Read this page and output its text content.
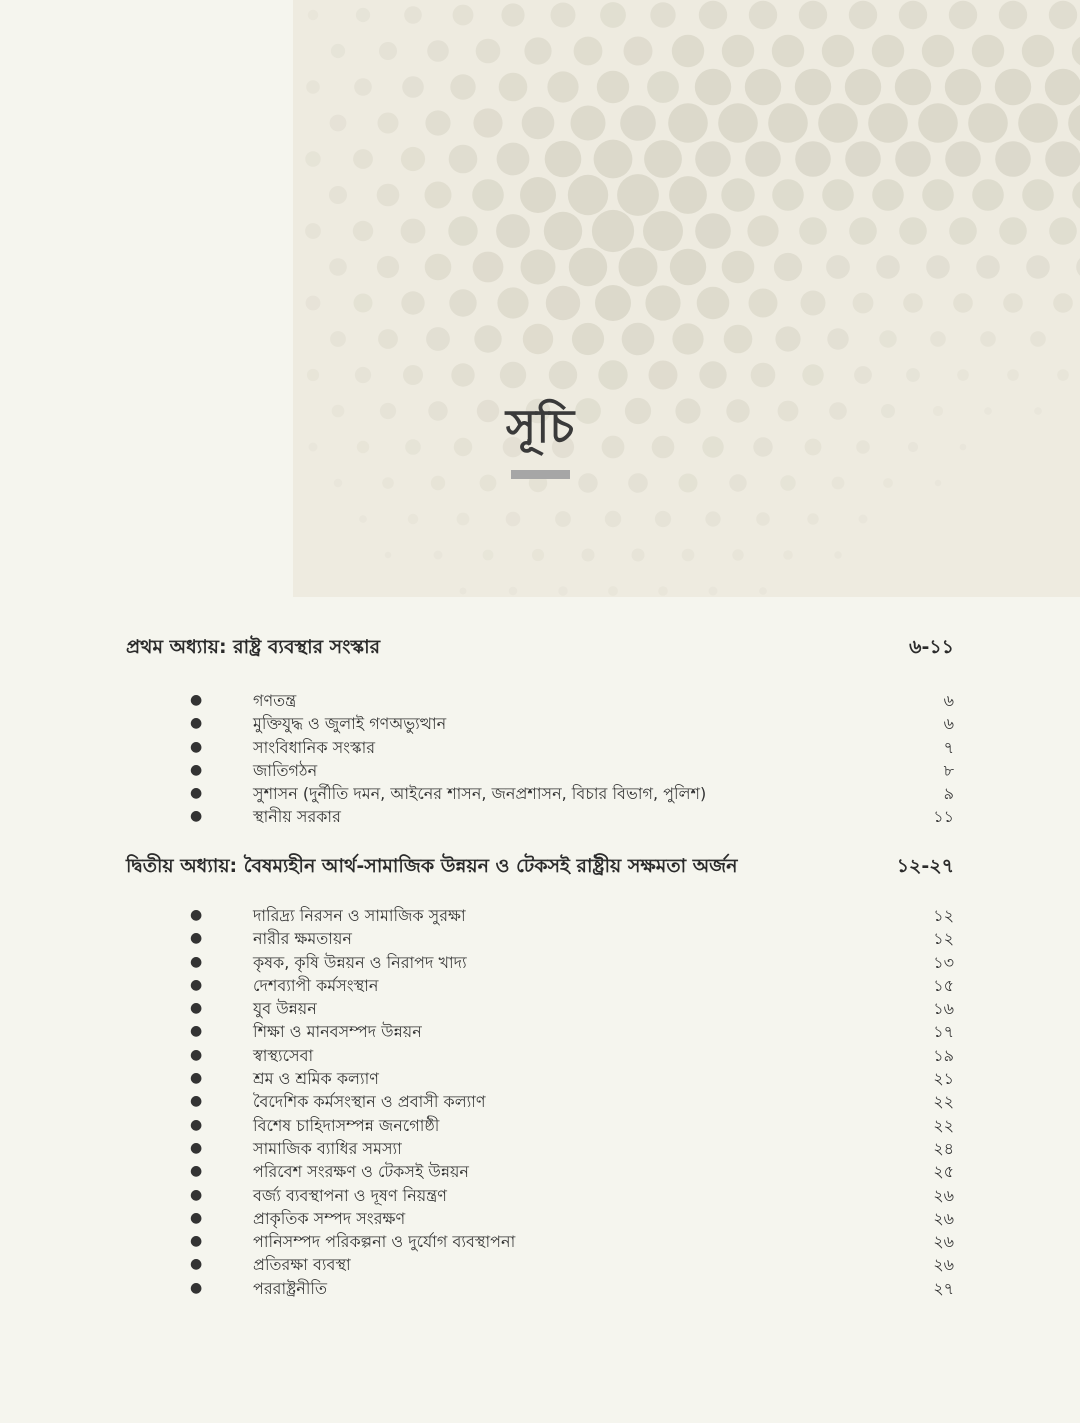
সূচি
প্রথম অধ্যায়: রাষ্ট্র ব্যবস্থার সংস্কার	৬-১১
●	গণতন্ত্র	৬
●	মুক্তিযুদ্ধ ও জুলাই গণঅভ্যুত্থান	৬
●	সাংবিধানিক সংস্কার	৭
●	জাতিগঠন	৮
●	সুশাসন (দুর্নীতি দমন, আইনের শাসন, জনপ্রশাসন, বিচার বিভাগ, পুলিশ)	৯
●	স্থানীয় সরকার	১১
দ্বিতীয় অধ্যায়: বৈষম্যহীন আর্থ-সামাজিক উন্নয়ন ও টেকসই রাষ্ট্রীয় সক্ষমতা অর্জন	১২-২৭
●	দারিদ্র্য নিরসন ও সামাজিক সুরক্ষা	১২
●	নারীর ক্ষমতায়ন	১২
●	কৃষক, কৃষি উন্নয়ন ও নিরাপদ খাদ্য	১৩
●	দেশব্যাপী কর্মসংস্থান	১৫
●	যুব উন্নয়ন	১৬
●	শিক্ষা ও মানবসম্পদ উন্নয়ন	১৭
●	স্বাস্থ্যসেবা	১৯
●	শ্রম ও শ্রমিক কল্যাণ	২১
●	বৈদেশিক কর্মসংস্থান ও প্রবাসী কল্যাণ	২২
●	বিশেষ চাহিদাসম্পন্ন জনগোষ্ঠী	২২
●	সামাজিক ব্যাধির সমস্যা	২৪
●	পরিবেশ সংরক্ষণ ও টেকসই উন্নয়ন	২৫
●	বর্জ্য ব্যবস্থাপনা ও দূষণ নিয়ন্ত্রণ	২৬
●	প্রাকৃতিক সম্পদ সংরক্ষণ	২৬
●	পানিসম্পদ পরিকল্পনা ও দুর্যোগ ব্যবস্থাপনা	২৬
●	প্রতিরক্ষা ব্যবস্থা	২৬
●	পররাষ্ট্রনীতি	২৭
